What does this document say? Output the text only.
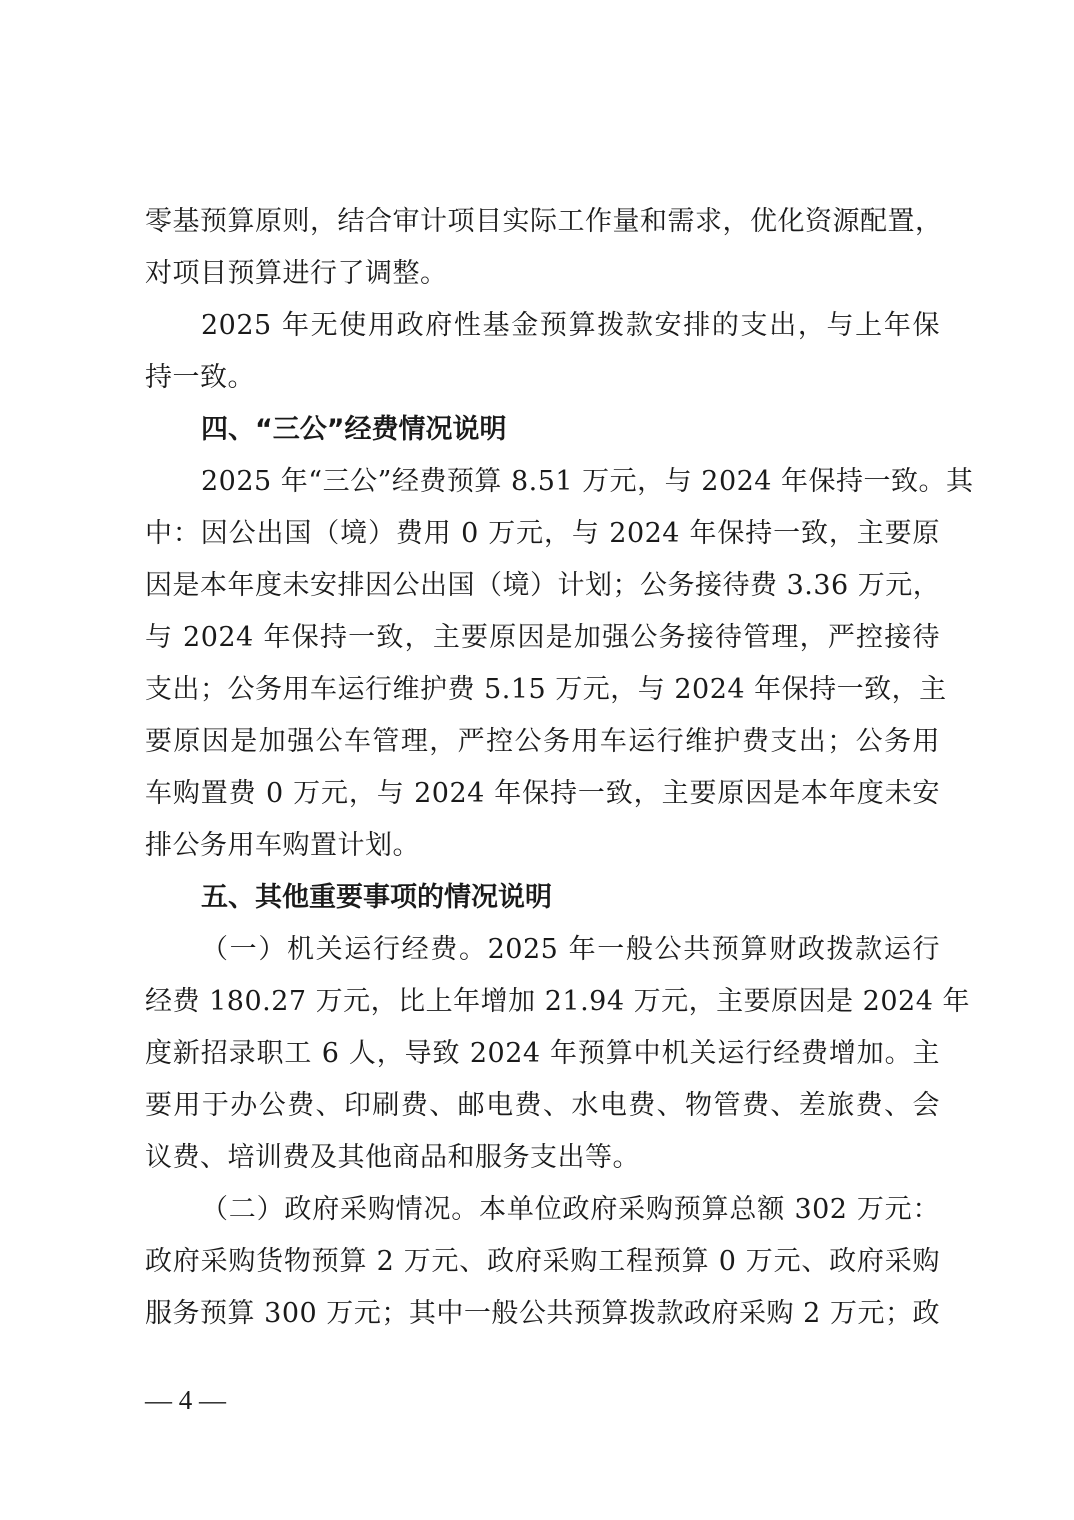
零基预算原则，结合审计项目实际工作量和需求，优化资源配置，
对项目预算进行了调整。
2025 年无使用政府性基金预算拨款安排的支出，与上年保
持一致。
四、“三公”经费情况说明
2025 年“三公”经费预算 8.51 万元，与 2024 年保持一致。其
中：因公出国（境）费用 0 万元，与 2024 年保持一致，主要原
因是本年度未安排因公出国（境）计划；公务接待费 3.36 万元，
与 2024 年保持一致，主要原因是加强公务接待管理，严控接待
支出；公务用车运行维护费 5.15 万元，与 2024 年保持一致，主
要原因是加强公车管理，严控公务用车运行维护费支出；公务用
车购置费 0 万元，与 2024 年保持一致，主要原因是本年度未安
排公务用车购置计划。
五、其他重要事项的情况说明
（一）机关运行经费。2025 年一般公共预算财政拨款运行
经费 180.27 万元，比上年增加 21.94 万元，主要原因是 2024 年
度新招录职工 6 人，导致 2024 年预算中机关运行经费增加。主
要用于办公费、印刷费、邮电费、水电费、物管费、差旅费、会
议费、培训费及其他商品和服务支出等。
（二）政府采购情况。本单位政府采购预算总额 302 万元：
政府采购货物预算 2 万元、政府采购工程预算 0 万元、政府采购
服务预算 300 万元；其中一般公共预算拨款政府采购 2 万元；政
— 4 —
